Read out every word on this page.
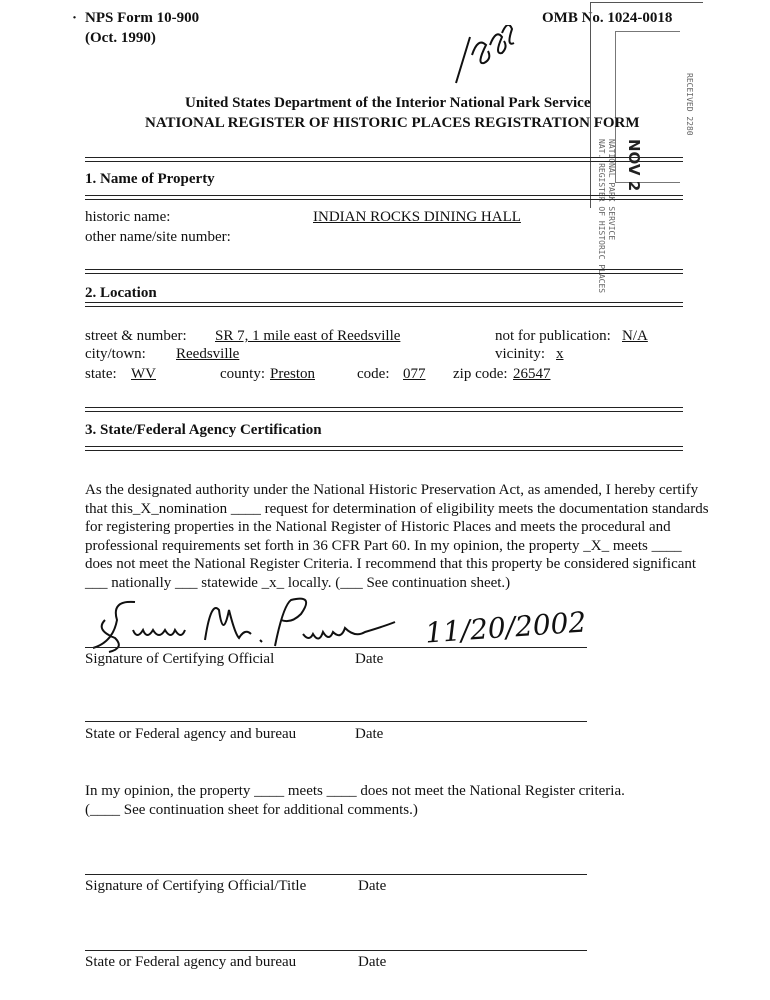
· NPS Form 10-900
(Oct. 1990)
OMB No. 1024-0018
NAT. REGISTER OF HISTORIC PLACES NATIONAL PARK SERVICE NOV 2
RECEIVED 2280
United States Department of the Interior National Park Service
NATIONAL REGISTER OF HISTORIC PLACES REGISTRATION FORM
1. Name of Property
historic name:	INDIAN ROCKS DINING HALL
other name/site number:
2. Location
street & number: SR 7, 1 mile east of Reedsville	not for publication: N/A
city/town: Reedsville	vicinity: x
state: WV	county: Preston	code: 077 zip code: 26547
3. State/Federal Agency Certification
As the designated authority under the National Historic Preservation Act, as amended, I hereby certify
that this_X_nomination ____ request for determination of eligibility meets the documentation standards
for registering properties in the National Register of Historic Places and meets the procedural and
professional requirements set forth in 36 CFR Part 60. In my opinion, the property _X_ meets ____
does not meet the National Register Criteria. I recommend that this property be considered significant
___ nationally ___ statewide _x_ locally. (___ See continuation sheet.)
11/20/2002
Signature of Certifying Official	Date
State or Federal agency and bureau	Date
In my opinion, the property ____ meets ____ does not meet the National Register criteria.
(____ See continuation sheet for additional comments.)
Signature of Certifying Official/Title	Date
State or Federal agency and bureau	Date
